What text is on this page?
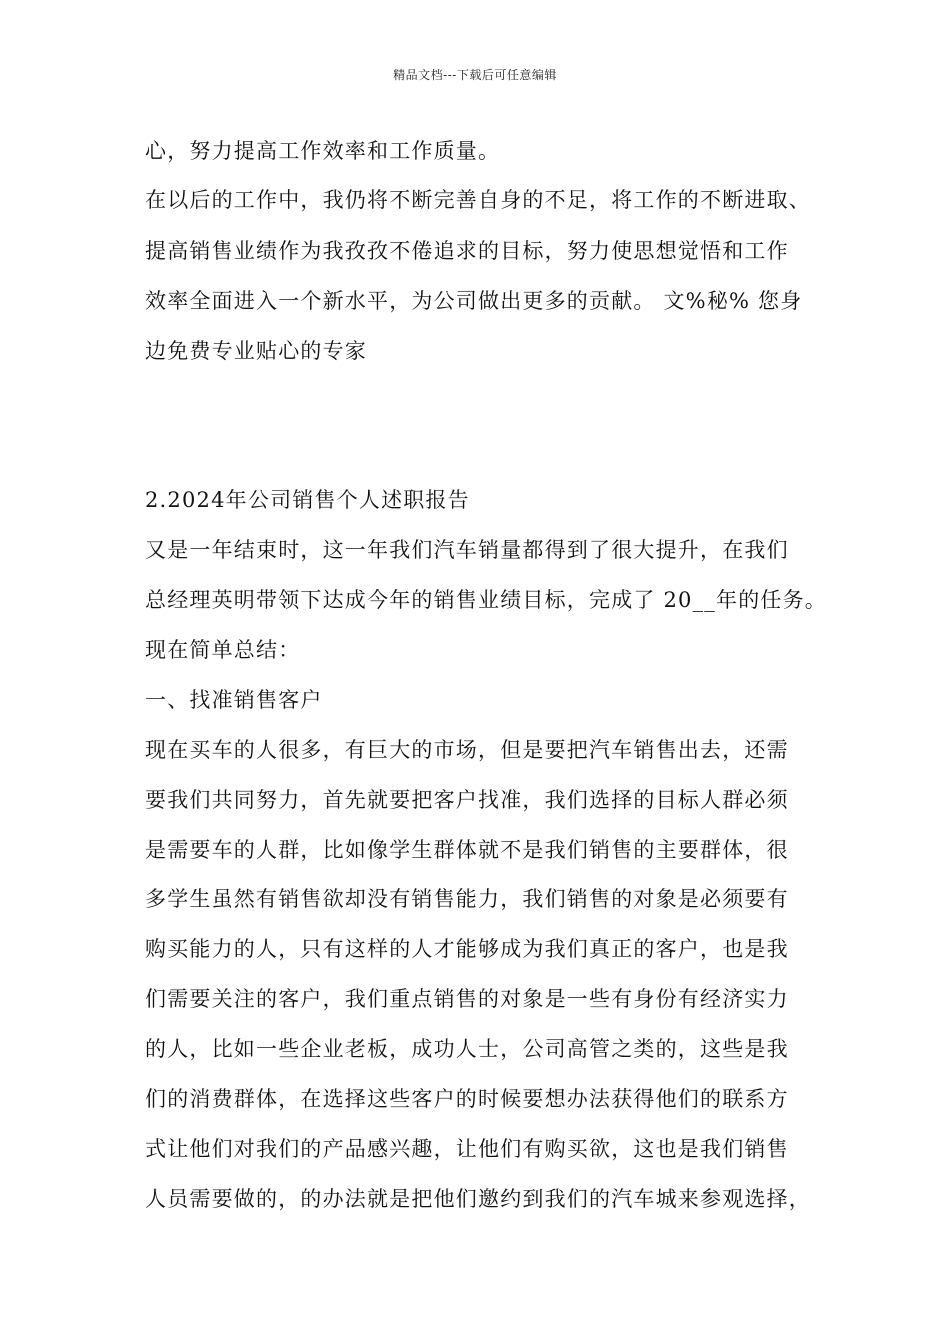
精品文档---下载后可任意编辑
心，努力提高工作效率和工作质量。
在以后的工作中，我仍将不断完善自身的不足，将工作的不断进取、
提高销售业绩作为我孜孜不倦追求的目标，努力使思想觉悟和工作
效率全面进入一个新水平，为公司做出更多的贡献。 文%秘% 您身
边免费专业贴心的专家
2.2024年公司销售个人述职报告
又是一年结束时，这一年我们汽车销量都得到了很大提升，在我们
总经理英明带领下达成今年的销售业绩目标，完成了 20__年的任务。
现在简单总结：
一、找准销售客户
现在买车的人很多，有巨大的市场，但是要把汽车销售出去，还需
要我们共同努力，首先就要把客户找准，我们选择的目标人群必须
是需要车的人群，比如像学生群体就不是我们销售的主要群体，很
多学生虽然有销售欲却没有销售能力，我们销售的对象是必须要有
购买能力的人，只有这样的人才能够成为我们真正的客户，也是我
们需要关注的客户，我们重点销售的对象是一些有身份有经济实力
的人，比如一些企业老板，成功人士，公司高管之类的，这些是我
们的消费群体，在选择这些客户的时候要想办法获得他们的联系方
式让他们对我们的产品感兴趣，让他们有购买欲，这也是我们销售
人员需要做的，的办法就是把他们邀约到我们的汽车城来参观选择，
